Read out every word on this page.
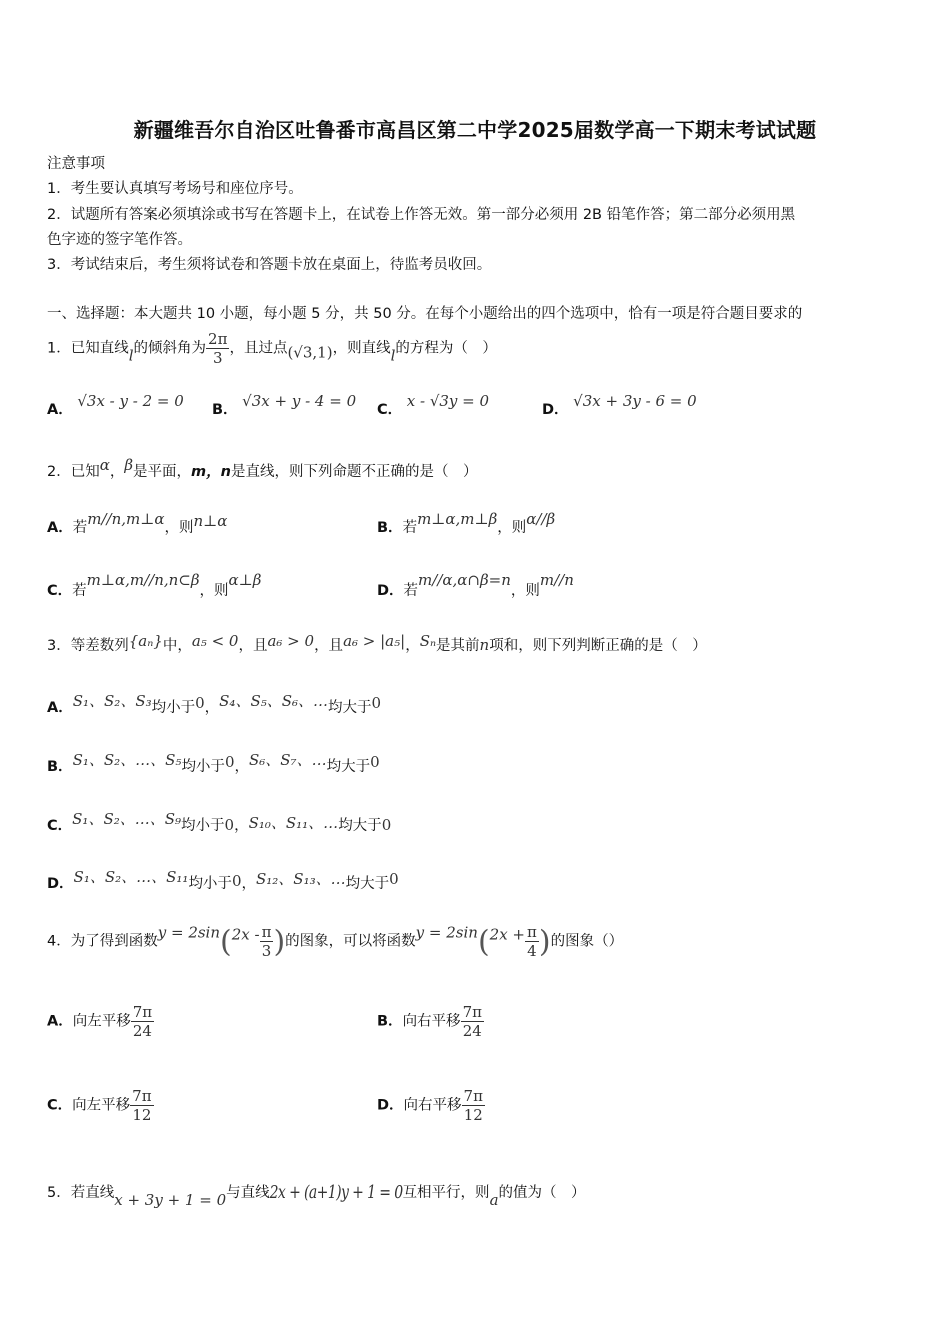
新疆维吾尔自治区吐鲁番市高昌区第二中学2025届数学高一下期末考试试题
注意事项
1．考生要认真填写考场号和座位序号。
2．试题所有答案必须填涂或书写在答题卡上，在试卷上作答无效。第一部分必须用 2B 铅笔作答；第二部分必须用黑
色字迹的签字笔作答。
3．考试结束后，考生须将试卷和答题卡放在桌面上，待监考员收回。
一、选择题：本大题共 10 小题，每小题 5 分，共 50 分。在每个小题给出的四个选项中，恰有一项是符合题目要求的
1．已知直线l的倾斜角为 $\frac{2\pi}{3}$ ，且过点(√3,1)，则直线l的方程为（　）
A． √3x - y - 2 = 0 B． √3x + y - 4 = 0 C． x - √3y = 0	D． √3x + 3y - 6 = 0
2．已知α，β是平面，m，n是直线，则下列命题不正确的是（　）
A．若m//n,m⊥α，则n⊥α	B．若m⊥α,m⊥β，则α//β
C．若m⊥α,m//n,n⊂β，则α⊥β
D．若m//α,α∩β=n，则m//n
3．等差数列{aₙ}中，a₅ < 0，且a₆ > 0，且a₆ > |a₅|，Sₙ是其前n项和，则下列判断正确的是（　）
A．S₁、S₂、S₃均小于0，S₄、S₅、S₆、…均大于0
B．S₁、S₂、…、S₅均小于0，S₆、S₇、…均大于0
C．S₁、S₂、…、S₉均小于0，S₁₀、S₁₁、…均大于0
D．S₁、S₂、…、S₁₁均小于0，S₁₂、S₁₃、…均大于0
4．为了得到函数$y = 2\sin(2x - \frac{\pi}{3}$ )的图象，可以将函数$y = 2\sin(2x + \frac{\pi}{4}$ )的图象（）
A．向左平移 $\frac{7\pi}{24}$	B．向右平移 $\frac{7\pi}{24}$
C．向左平移 $\frac{7\pi}{12}$	D．向右平移 $\frac{7\pi}{12}$
5．若直线x + 3y + 1 = 0与直线2x + (a+1)y + 1 = 0互相平行，则a的值为（　）
